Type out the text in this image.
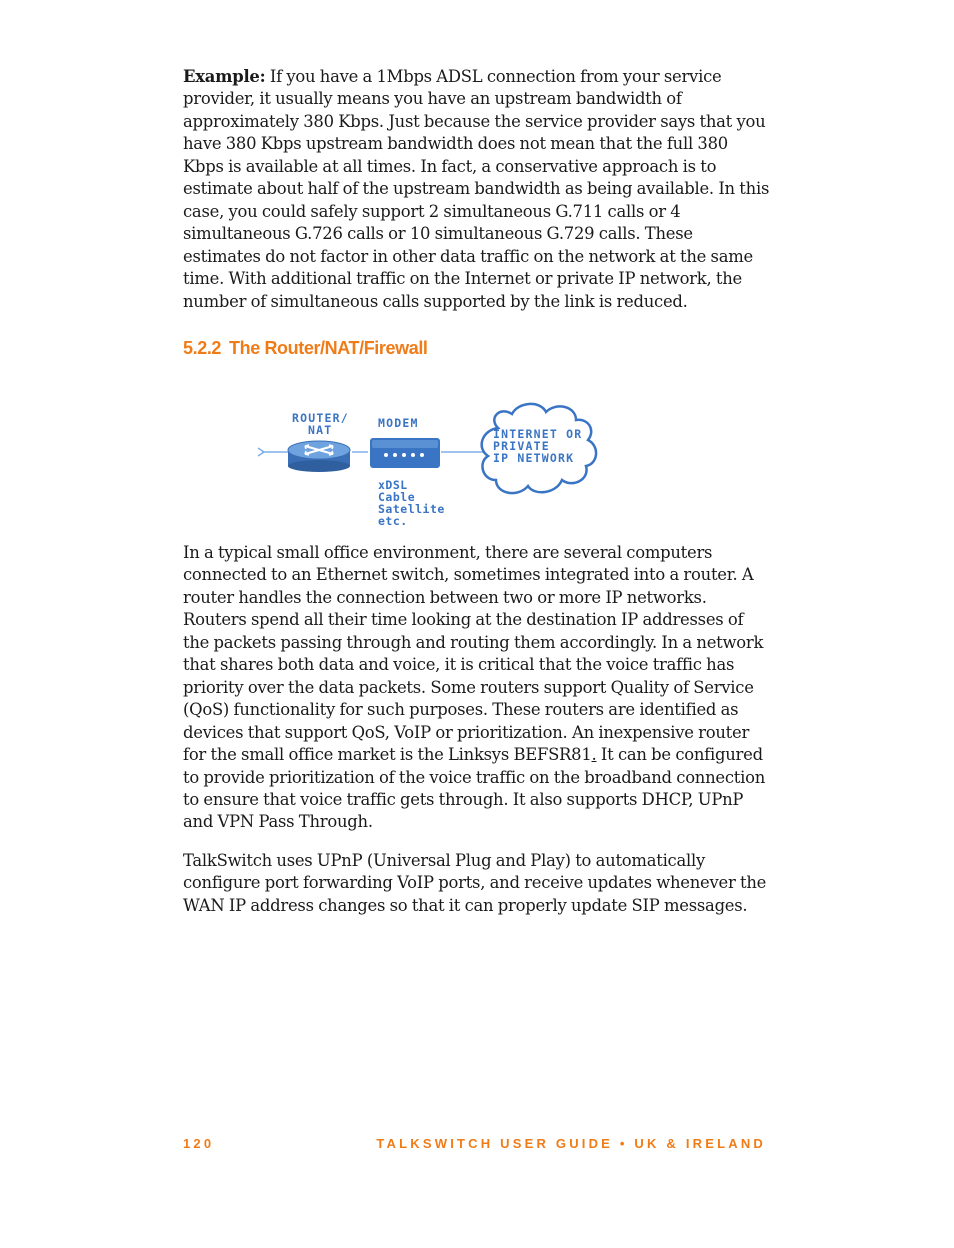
Example: If you have a 1Mbps ADSL connection from your service provider, it usually means you have an upstream bandwidth of approximately 380 Kbps. Just because the service provider says that you have 380 Kbps upstream bandwidth does not mean that the full 380 Kbps is available at all times. In fact, a conservative approach is to estimate about half of the upstream bandwidth as being available. In this case, you could safely support 2 simultaneous G.711 calls or 4 simultaneous G.726 calls or 10 simultaneous G.729 calls. These estimates do not factor in other data traffic on the network at the same time. With additional traffic on the Internet or private IP network, the number of simultaneous calls supported by the link is reduced.

5.2.2 The Router/NAT/Firewall
ROUTER/
NAT	MODEM
INTERNET OR
PRIVATE
IP NETWORK
xDSL
Cable
Satellite
etc.

In a typical small office environment, there are several computers connected to an Ethernet switch, sometimes integrated into a router. A router handles the connection between two or more IP networks. Routers spend all their time looking at the destination IP addresses of the packets passing through and routing them accordingly. In a network that shares both data and voice, it is critical that the voice traffic has priority over the data packets. Some routers support Quality of Service (QoS) functionality for such purposes. These routers are identified as devices that support QoS, VoIP or prioritization. An inexpensive router for the small office market is the Linksys BEFSR81. It can be configured to provide prioritization of the voice traffic on the broadband connection to ensure that voice traffic gets through. It also supports DHCP, UPnP and VPN Pass Through.

TalkSwitch uses UPnP (Universal Plug and Play) to automatically configure port forwarding VoIP ports, and receive updates whenever the WAN IP address changes so that it can properly update SIP messages.

120	TALKSWITCH USER GUIDE • UK & IRELAND
